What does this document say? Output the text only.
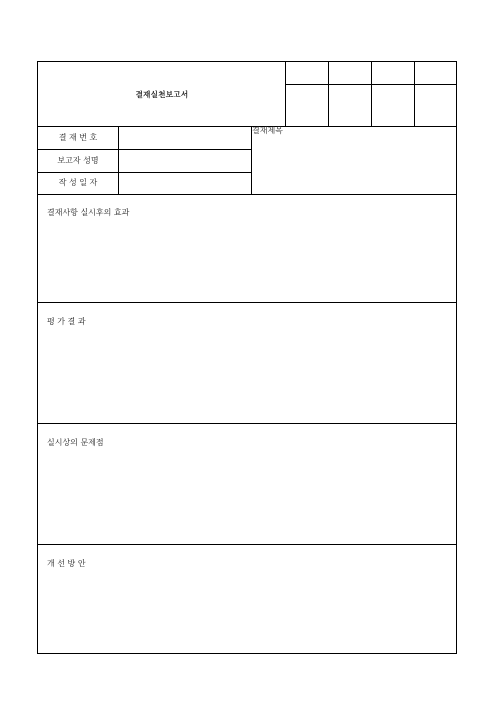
결재실천보고서
결 재 번 호
보고자 성명
작 성 일 자
결재제목
결재사항 실시후의 효과
평 가 결 과
실시상의 문제점
개 선 방 안
